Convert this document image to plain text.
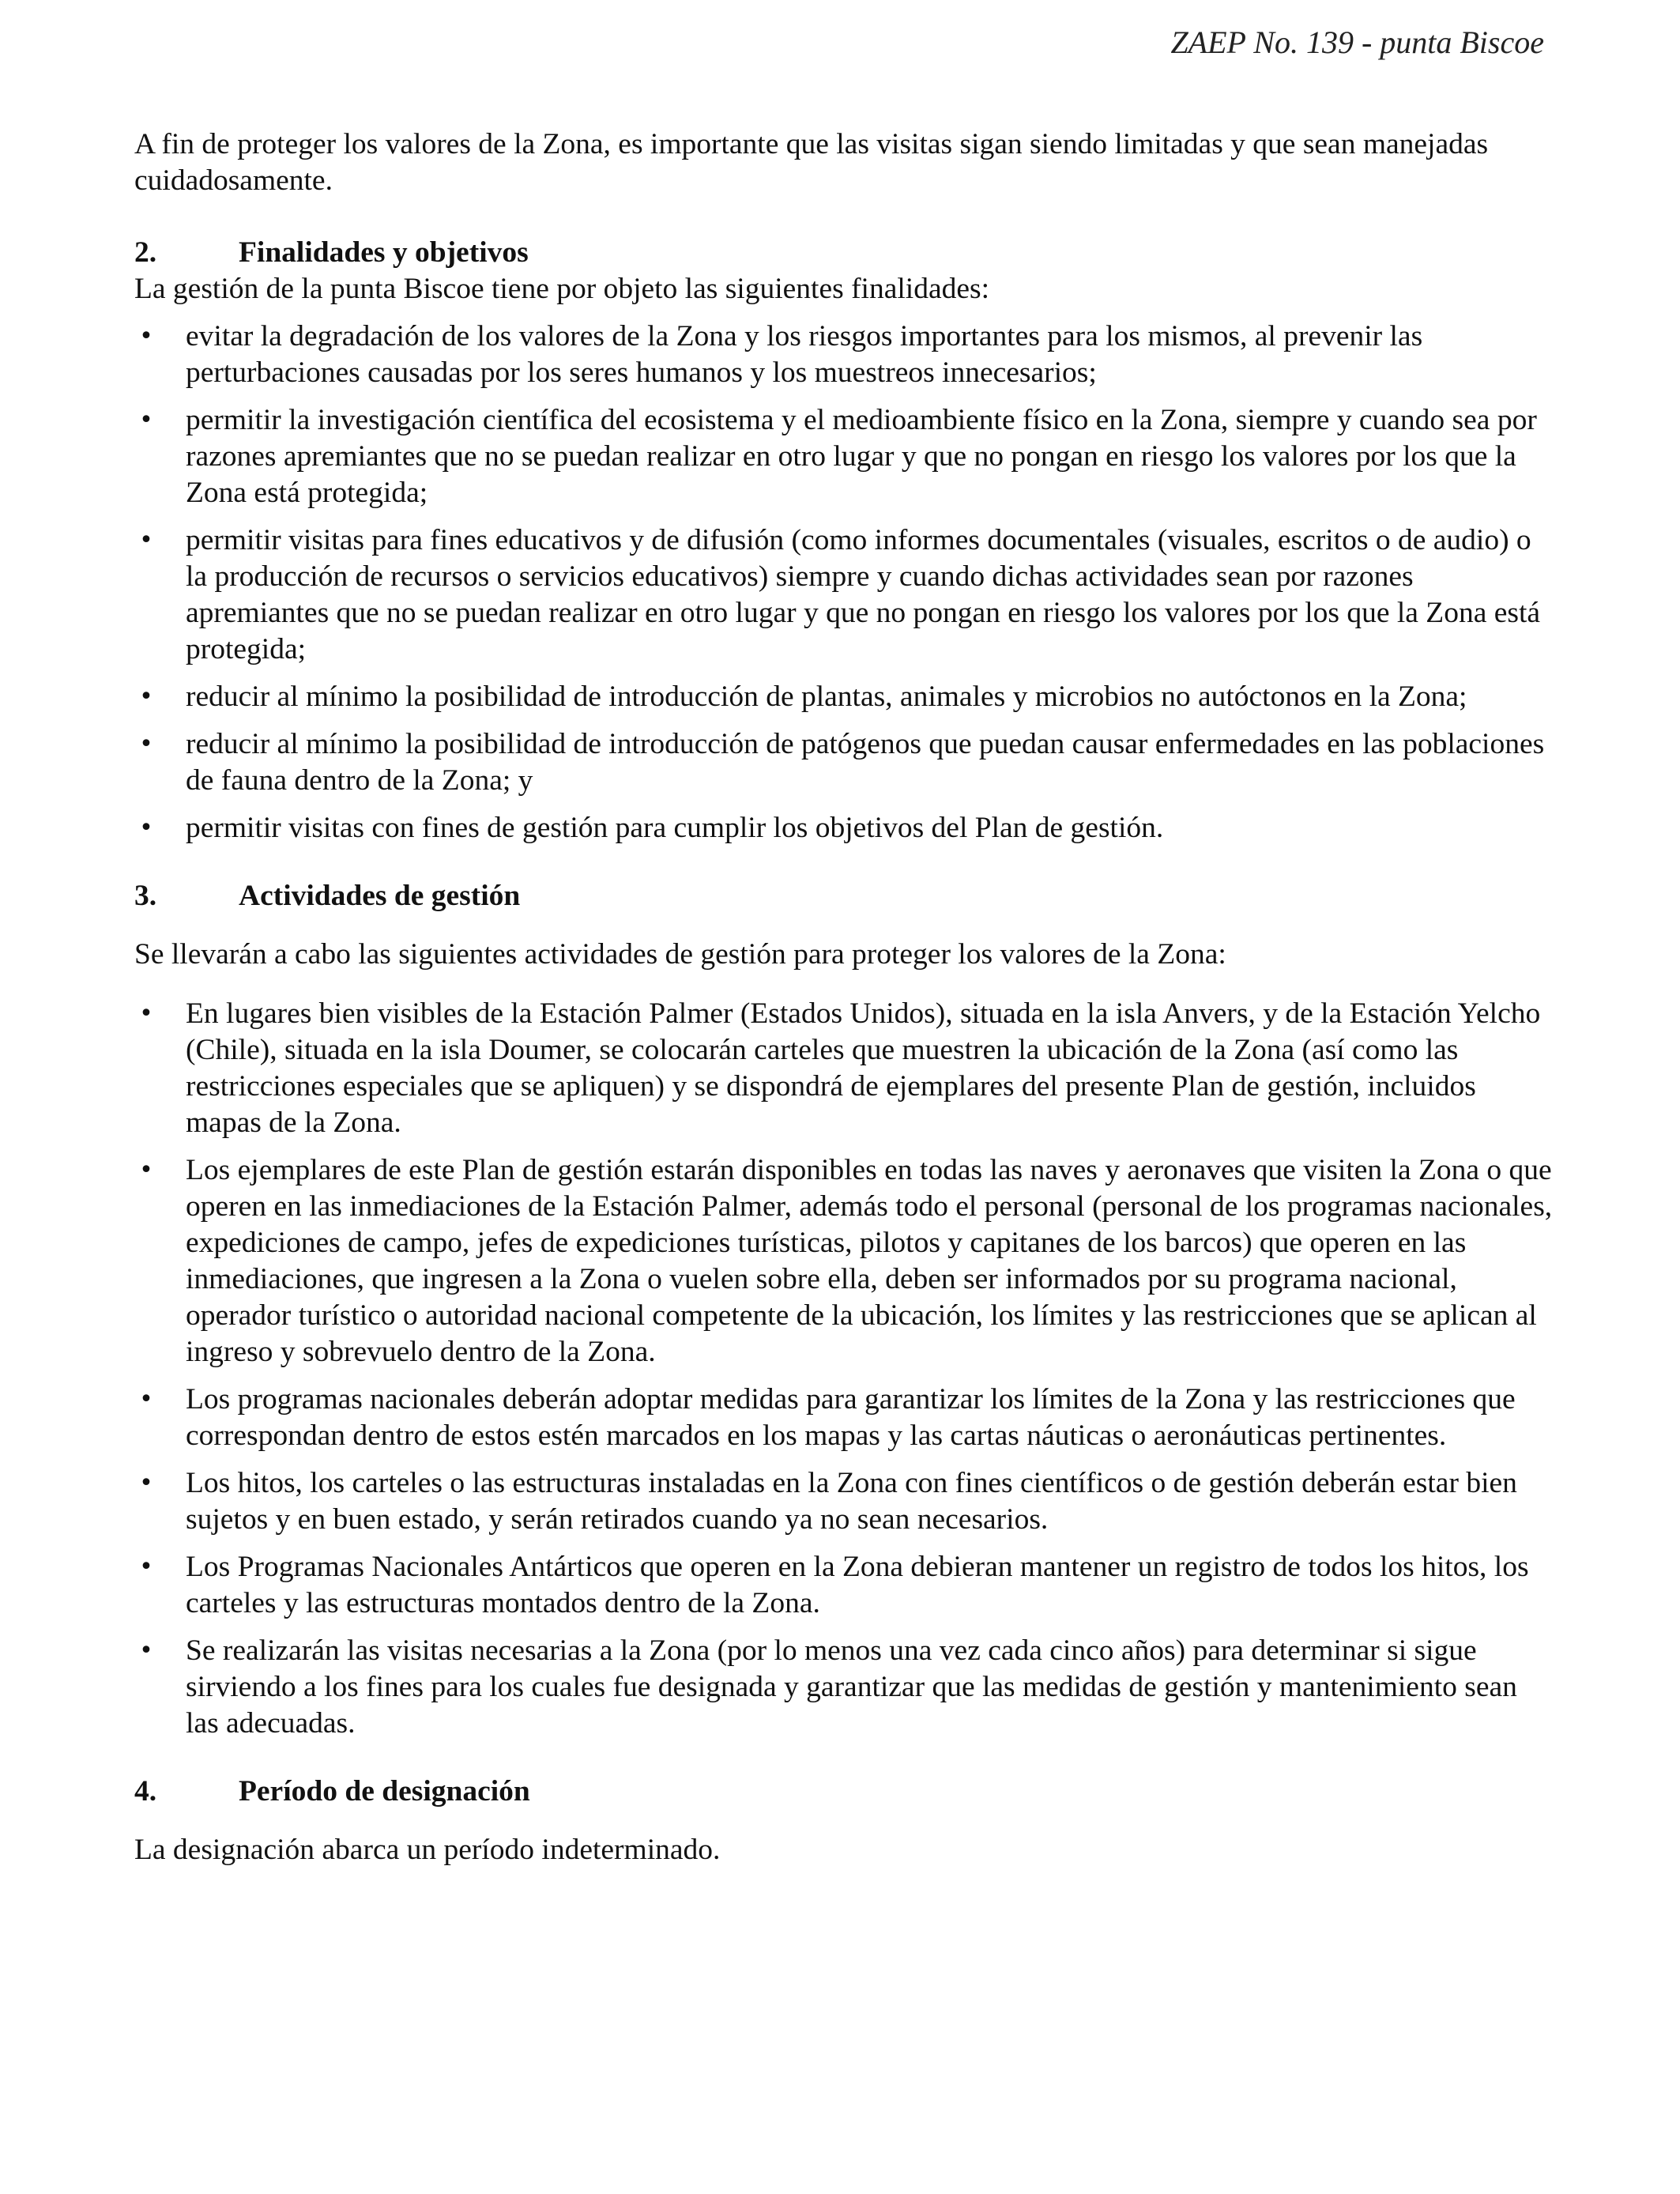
ZAEP No. 139 - punta Biscoe

A fin de proteger los valores de la Zona, es importante que las visitas sigan siendo limitadas y que sean manejadas cuidadosamente.

2.	Finalidades y objetivos

La gestión de la punta Biscoe tiene por objeto las siguientes finalidades:

• evitar la degradación de los valores de la Zona y los riesgos importantes para los mismos, al prevenir las perturbaciones causadas por los seres humanos y los muestreos innecesarios;
• permitir la investigación científica del ecosistema y el medioambiente físico en la Zona, siempre y cuando sea por razones apremiantes que no se puedan realizar en otro lugar y que no pongan en riesgo los valores por los que la Zona está protegida;
• permitir visitas para fines educativos y de difusión (como informes documentales (visuales, escritos o de audio) o la producción de recursos o servicios educativos) siempre y cuando dichas actividades sean por razones apremiantes que no se puedan realizar en otro lugar y que no pongan en riesgo los valores por los que la Zona está protegida;
• reducir al mínimo la posibilidad de introducción de plantas, animales y microbios no autóctonos en la Zona;
• reducir al mínimo la posibilidad de introducción de patógenos que puedan causar enfermedades en las poblaciones de fauna dentro de la Zona; y
• permitir visitas con fines de gestión para cumplir los objetivos del Plan de gestión.
3.	Actividades de gestión

Se llevarán a cabo las siguientes actividades de gestión para proteger los valores de la Zona:

• En lugares bien visibles de la Estación Palmer (Estados Unidos), situada en la isla Anvers, y de la Estación Yelcho (Chile), situada en la isla Doumer, se colocarán carteles que muestren la ubicación de la Zona (así como las restricciones especiales que se apliquen) y se dispondrá de ejemplares del presente Plan de gestión, incluidos mapas de la Zona.
• Los ejemplares de este Plan de gestión estarán disponibles en todas las naves y aeronaves que visiten la Zona o que operen en las inmediaciones de la Estación Palmer, además todo el personal (personal de los programas nacionales, expediciones de campo, jefes de expediciones turísticas, pilotos y capitanes de los barcos) que operen en las inmediaciones, que ingresen a la Zona o vuelen sobre ella, deben ser informados por su programa nacional, operador turístico o autoridad nacional competente de la ubicación, los límites y las restricciones que se aplican al ingreso y sobrevuelo dentro de la Zona.
• Los programas nacionales deberán adoptar medidas para garantizar los límites de la Zona y las restricciones que correspondan dentro de estos estén marcados en los mapas y las cartas náuticas o aeronáuticas pertinentes.
• Los hitos, los carteles o las estructuras instaladas en la Zona con fines científicos o de gestión deberán estar bien sujetos y en buen estado, y serán retirados cuando ya no sean necesarios.
• Los Programas Nacionales Antárticos que operen en la Zona debieran mantener un registro de todos los hitos, los carteles y las estructuras montados dentro de la Zona.
• Se realizarán las visitas necesarias a la Zona (por lo menos una vez cada cinco años) para determinar si sigue sirviendo a los fines para los cuales fue designada y garantizar que las medidas de gestión y mantenimiento sean las adecuadas.
4.	Período de designación

La designación abarca un período indeterminado.
